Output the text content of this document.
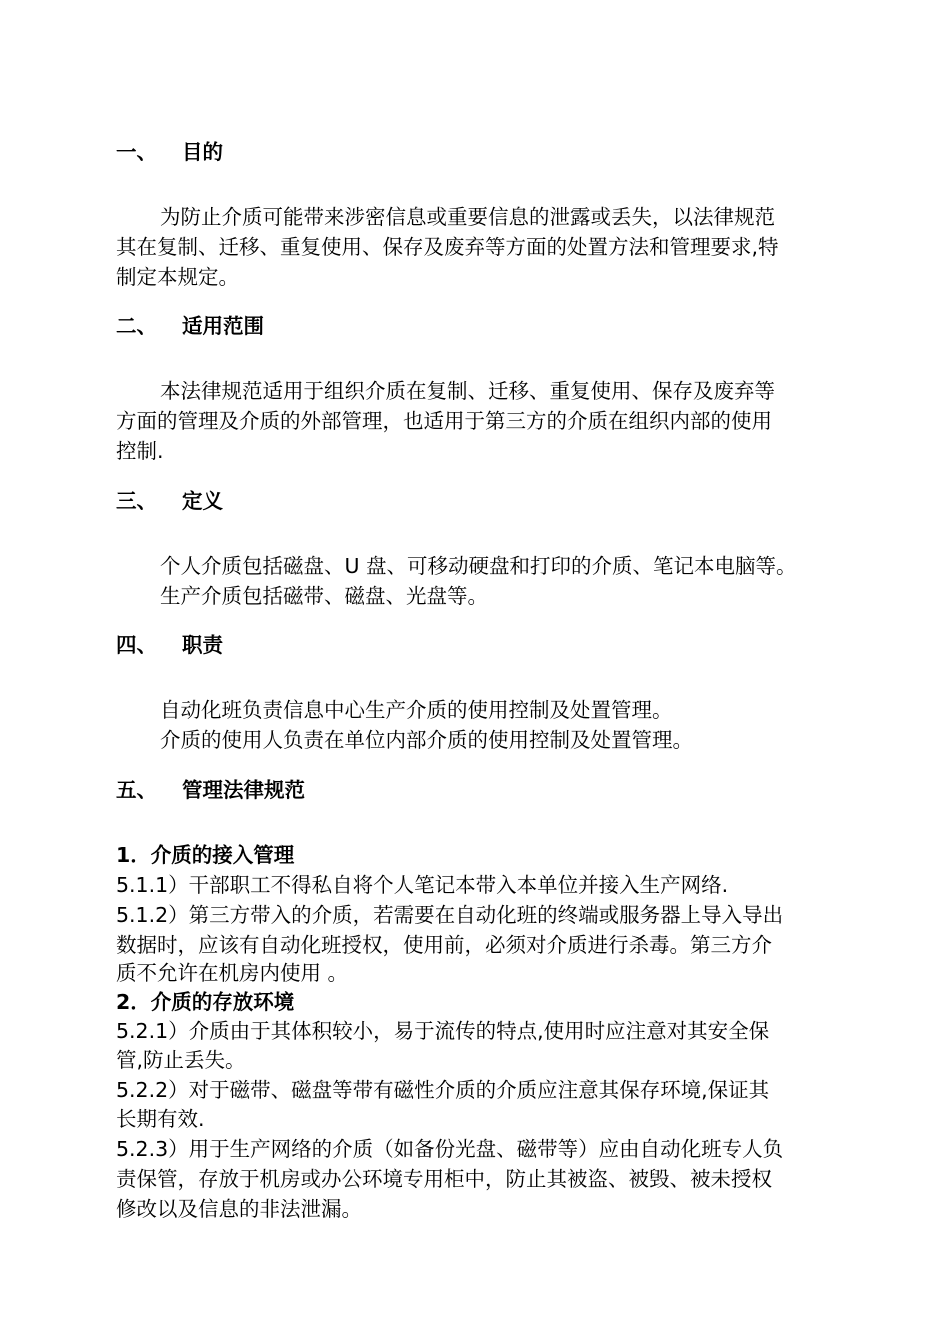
一、 目的
为防止介质可能带来涉密信息或重要信息的泄露或丢失，以法律规范
其在复制、迁移、重复使用、保存及废弃等方面的处置方法和管理要求,特
制定本规定。
二、 适用范围
本法律规范适用于组织介质在复制、迁移、重复使用、保存及废弃等
方面的管理及介质的外部管理，也适用于第三方的介质在组织内部的使用
控制.
三、 定义
个人介质包括磁盘、U 盘、可移动硬盘和打印的介质、笔记本电脑等。
生产介质包括磁带、磁盘、光盘等。
四、 职责
自动化班负责信息中心生产介质的使用控制及处置管理。
介质的使用人负责在单位内部介质的使用控制及处置管理。
五、 管理法律规范
1．介质的接入管理
5.1.1）干部职工不得私自将个人笔记本带入本单位并接入生产网络.
5.1.2）第三方带入的介质，若需要在自动化班的终端或服务器上导入导出
数据时，应该有自动化班授权，使用前，必须对介质进行杀毒。第三方介
质不允许在机房内使用 。
2．介质的存放环境
5.2.1）介质由于其体积较小，易于流传的特点,使用时应注意对其安全保
管,防止丢失。
5.2.2）对于磁带、磁盘等带有磁性介质的介质应注意其保存环境,保证其
长期有效.
5.2.3）用于生产网络的介质（如备份光盘、磁带等）应由自动化班专人负
责保管，存放于机房或办公环境专用柜中，防止其被盗、被毁、被未授权
修改以及信息的非法泄漏。
